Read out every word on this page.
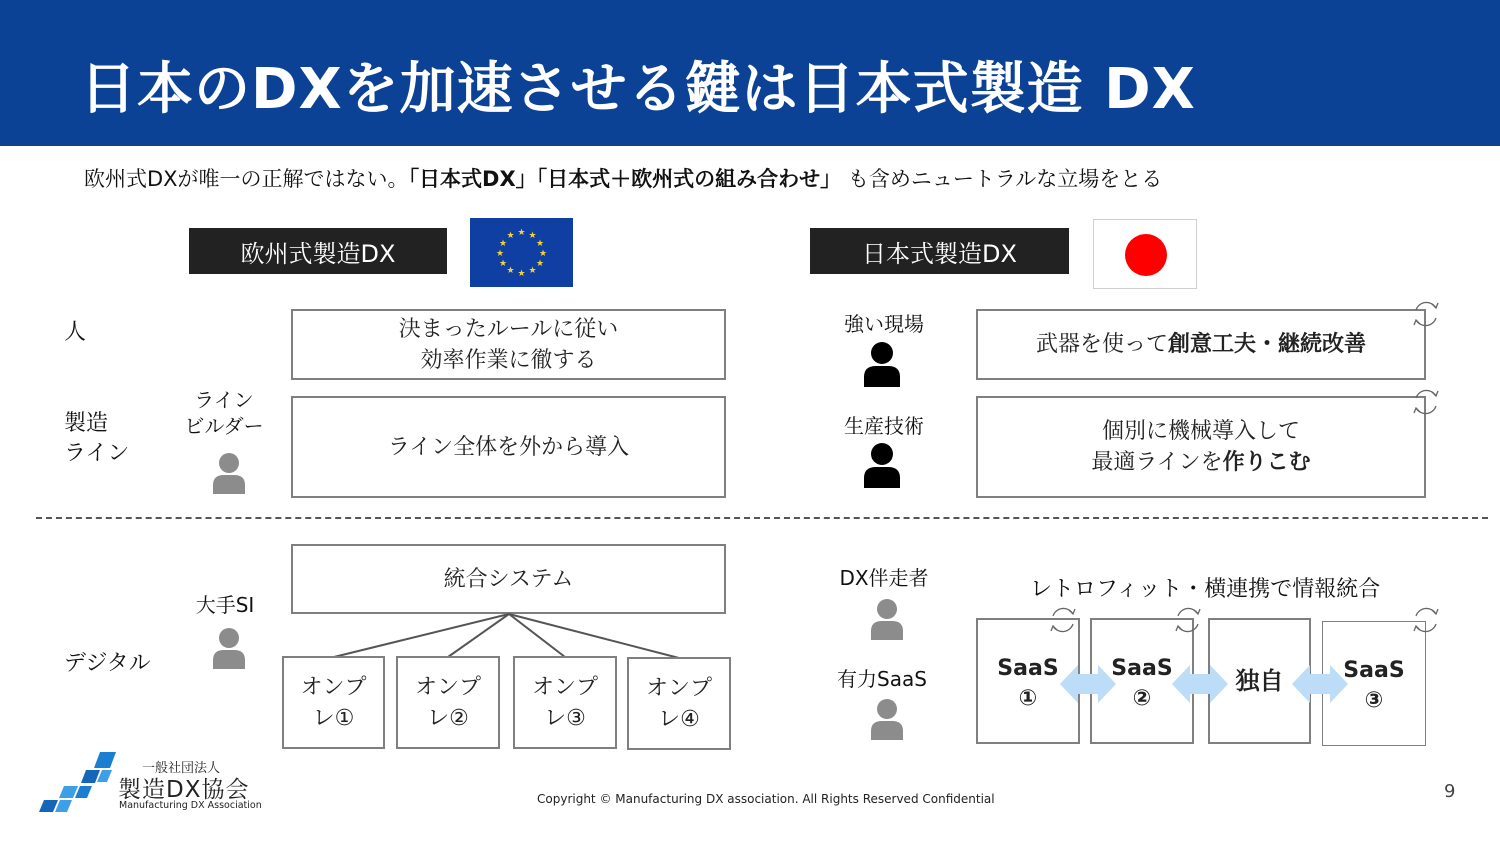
日本のDXを加速させる鍵は日本式製造 DX
欧州式DXが唯一の正解ではない。「日本式DX」「日本式＋欧州式の組み合わせ」 も含めニュートラルな立場をとる
欧州式製造DX
★ ★
★
★
★
★
★
★
★
★
★
★
日本式製造DX
人	決まったルールに従い
効率作業に徹する
製造
ライン
ライン
ビルダー
ライン全体を外から導入
強い現場
武器を使って創意工夫・継続改善
生産技術	個別に機械導入して
最適ラインを作りこむ
デジタル
大手SI
統合システム
オンプ
レ①
オンプ
レ②
オンプ
レ③
オンプ
レ④
DX伴走者
有力SaaS
レトロフィット・横連携で情報統合
SaaS
①
SaaS
②
独自	SaaS
③
一般社団法人
製造DX協会
Manufacturing DX Association	Copyright © Manufacturing DX association. All Rights Reserved Confidential	9
